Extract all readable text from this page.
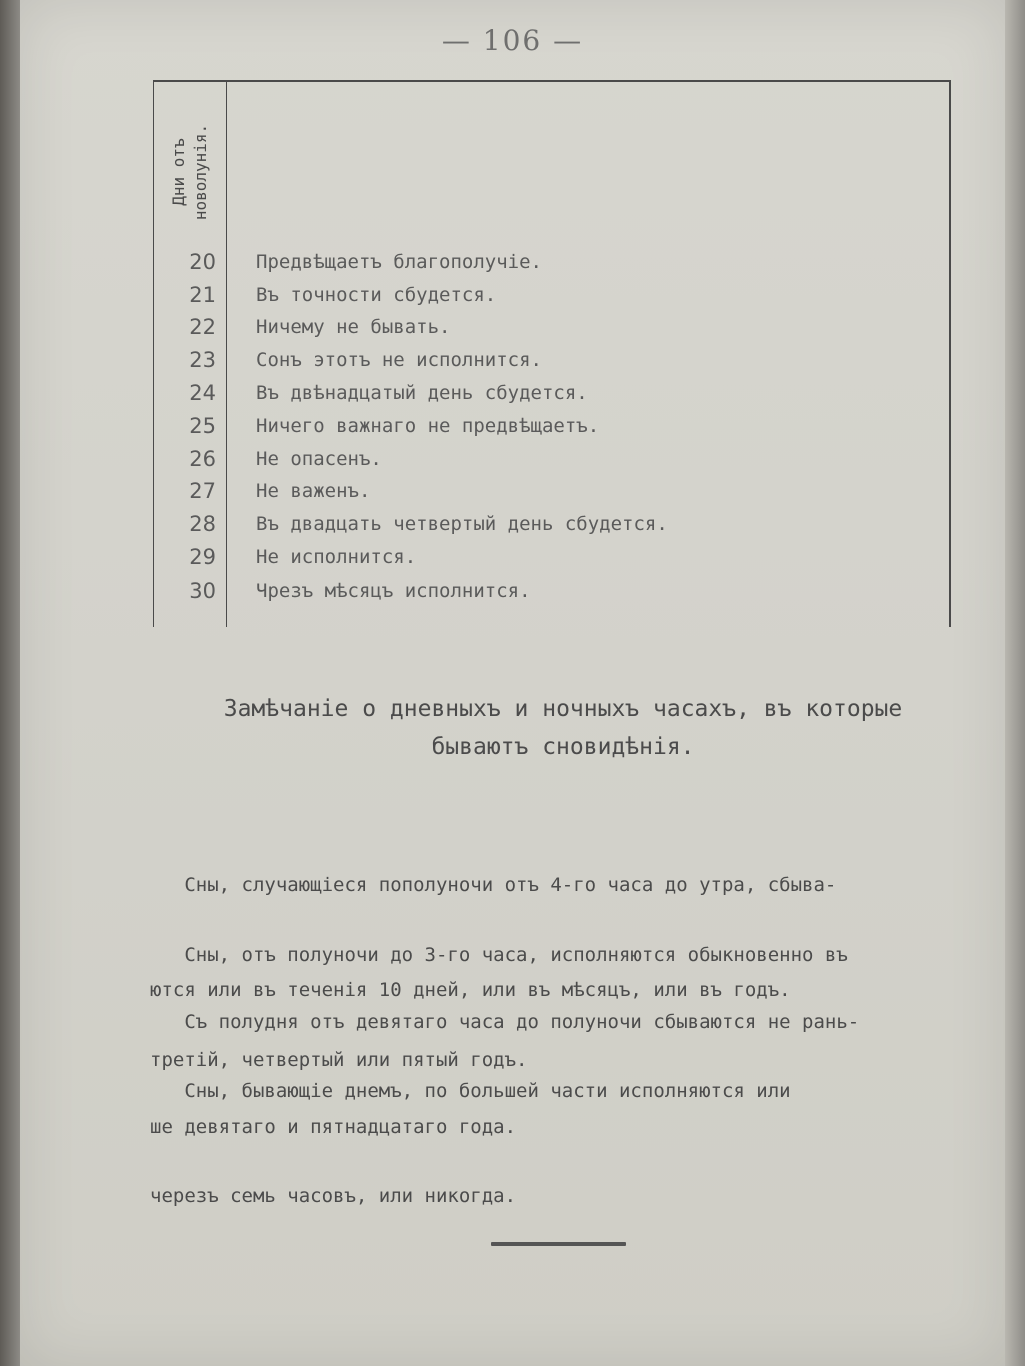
— 106 —
Дни отъ
новолунія.
20 Предвѣщаетъ благополучіе.
21 Въ точности сбудется.
22 Ничему не бывать.
23 Сонъ этотъ не исполнится.
24 Въ двѣнадцатый день сбудется.
25 Ничего важнаго не предвѣщаетъ.
26 Не опасенъ.
27 Не важенъ.
28 Въ двадцать четвертый день сбудется.
29 Не исполнится.
30 Чрезъ мѣсяцъ исполнится.
Замѣчаніе о дневныхъ и ночныхъ часахъ, въ которые
бываютъ сновидѣнія.

Сны, случающіеся пополуночи отъ 4-го часа до утра, сбыва-

ются или въ теченія 10 дней, или въ мѣсяцъ, или въ годъ.

Сны, отъ полуночи до 3-го часа, исполняются обыкновенно въ

третій, четвертый или пятый годъ.

Съ полудня отъ девятаго часа до полуночи сбываются не рань-

ше девятаго и пятнадцатаго года.

Сны, бывающіе днемъ, по большей части исполняются или

черезъ семь часовъ, или никогда.
